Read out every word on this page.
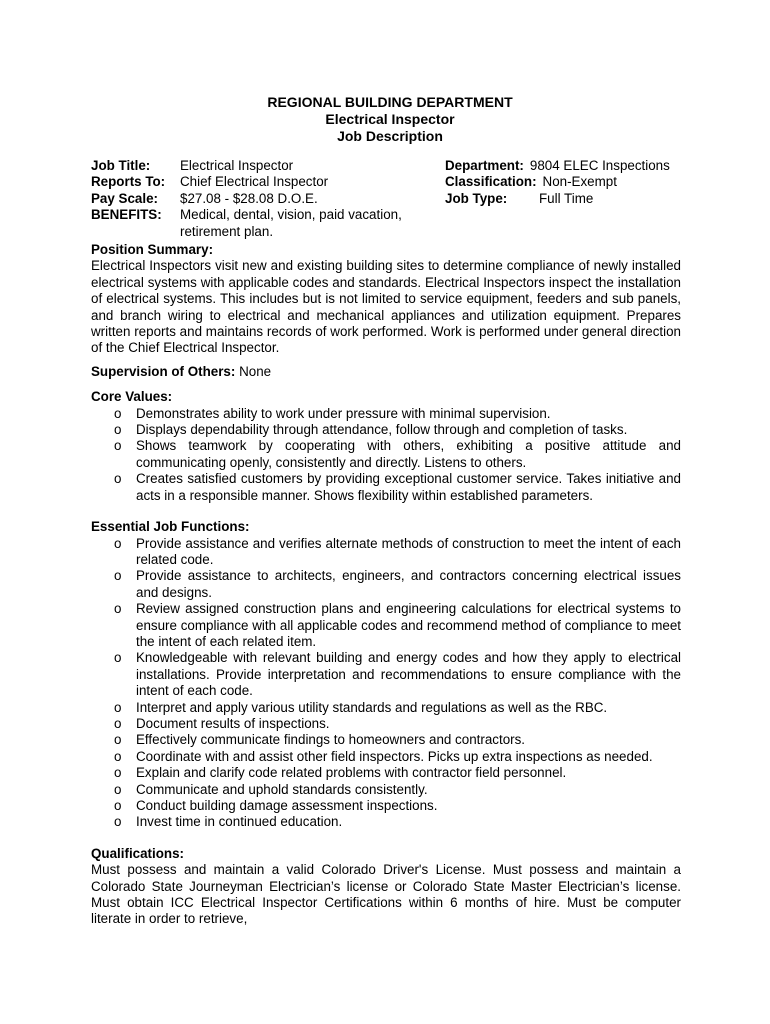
REGIONAL BUILDING DEPARTMENT
Electrical Inspector
Job Description
Job Title:	Electrical Inspector
Reports To:	Chief Electrical Inspector
Pay Scale:	$27.08 - $28.08 D.O.E.
BENEFITS:	Medical, dental, vision, paid vacation,
retirement plan.
Department: 9804 ELEC Inspections
Classification: Non-Exempt
Job Type:	Full Time
Position Summary:

Electrical Inspectors visit new and existing building sites to determine compliance of newly installed electrical systems with applicable codes and standards. Electrical Inspectors inspect the installation of electrical systems. This includes but is not limited to service equipment, feeders and sub panels, and branch wiring to electrical and mechanical appliances and utilization equipment. Prepares written reports and maintains records of work performed. Work is performed under general direction of the Chief Electrical Inspector.

Supervision of Others: None
Core Values:
o Demonstrates ability to work under pressure with minimal supervision.
o Displays dependability through attendance, follow through and completion of tasks.
o Shows teamwork by cooperating with others, exhibiting a positive attitude and communicating openly, consistently and directly. Listens to others.
o Creates satisfied customers by providing exceptional customer service. Takes initiative and acts in a responsible manner. Shows flexibility within established parameters.
Essential Job Functions:
o Provide assistance and verifies alternate methods of construction to meet the intent of each related code.
o Provide assistance to architects, engineers, and contractors concerning electrical issues and designs.
o Review assigned construction plans and engineering calculations for electrical systems to ensure compliance with all applicable codes and recommend method of compliance to meet the intent of each related item.
o Knowledgeable with relevant building and energy codes and how they apply to electrical installations. Provide interpretation and recommendations to ensure compliance with the intent of each code.
o Interpret and apply various utility standards and regulations as well as the RBC.
o Document results of inspections.
o Effectively communicate findings to homeowners and contractors.
o Coordinate with and assist other field inspectors. Picks up extra inspections as needed.
o Explain and clarify code related problems with contractor field personnel.
o Communicate and uphold standards consistently.
o Conduct building damage assessment inspections.
o Invest time in continued education.
Qualifications:

Must possess and maintain a valid Colorado Driver's License. Must possess and maintain a Colorado State Journeyman Electrician’s license or Colorado State Master Electrician’s license. Must obtain ICC Electrical Inspector Certifications within 6 months of hire. Must be computer literate in order to retrieve,
